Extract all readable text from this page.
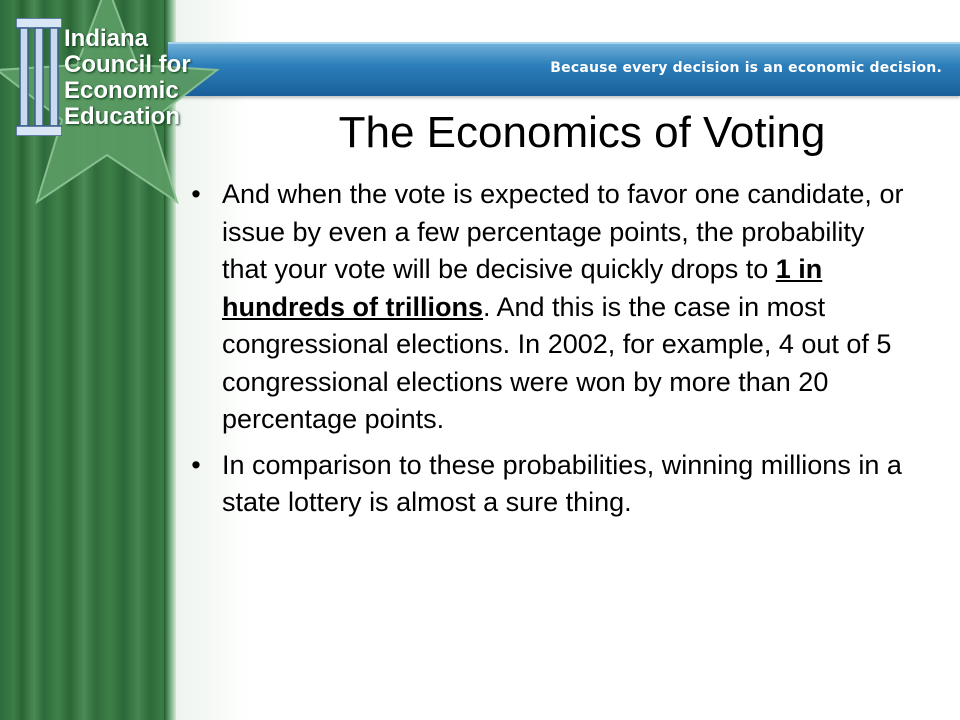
Because every decision is an economic decision.
Indiana
Council for
Economic
Education	The Economics of Voting
• And when the vote is expected to favor one candidate, or issue by even a few percentage points, the probability that your vote will be decisive quickly drops to 1 in hundreds of trillions. And this is the case in most congressional elections. In 2002, for example, 4 out of 5 congressional elections were won by more than 20 percentage points.
• In comparison to these probabilities, winning millions in a state lottery is almost a sure thing.
